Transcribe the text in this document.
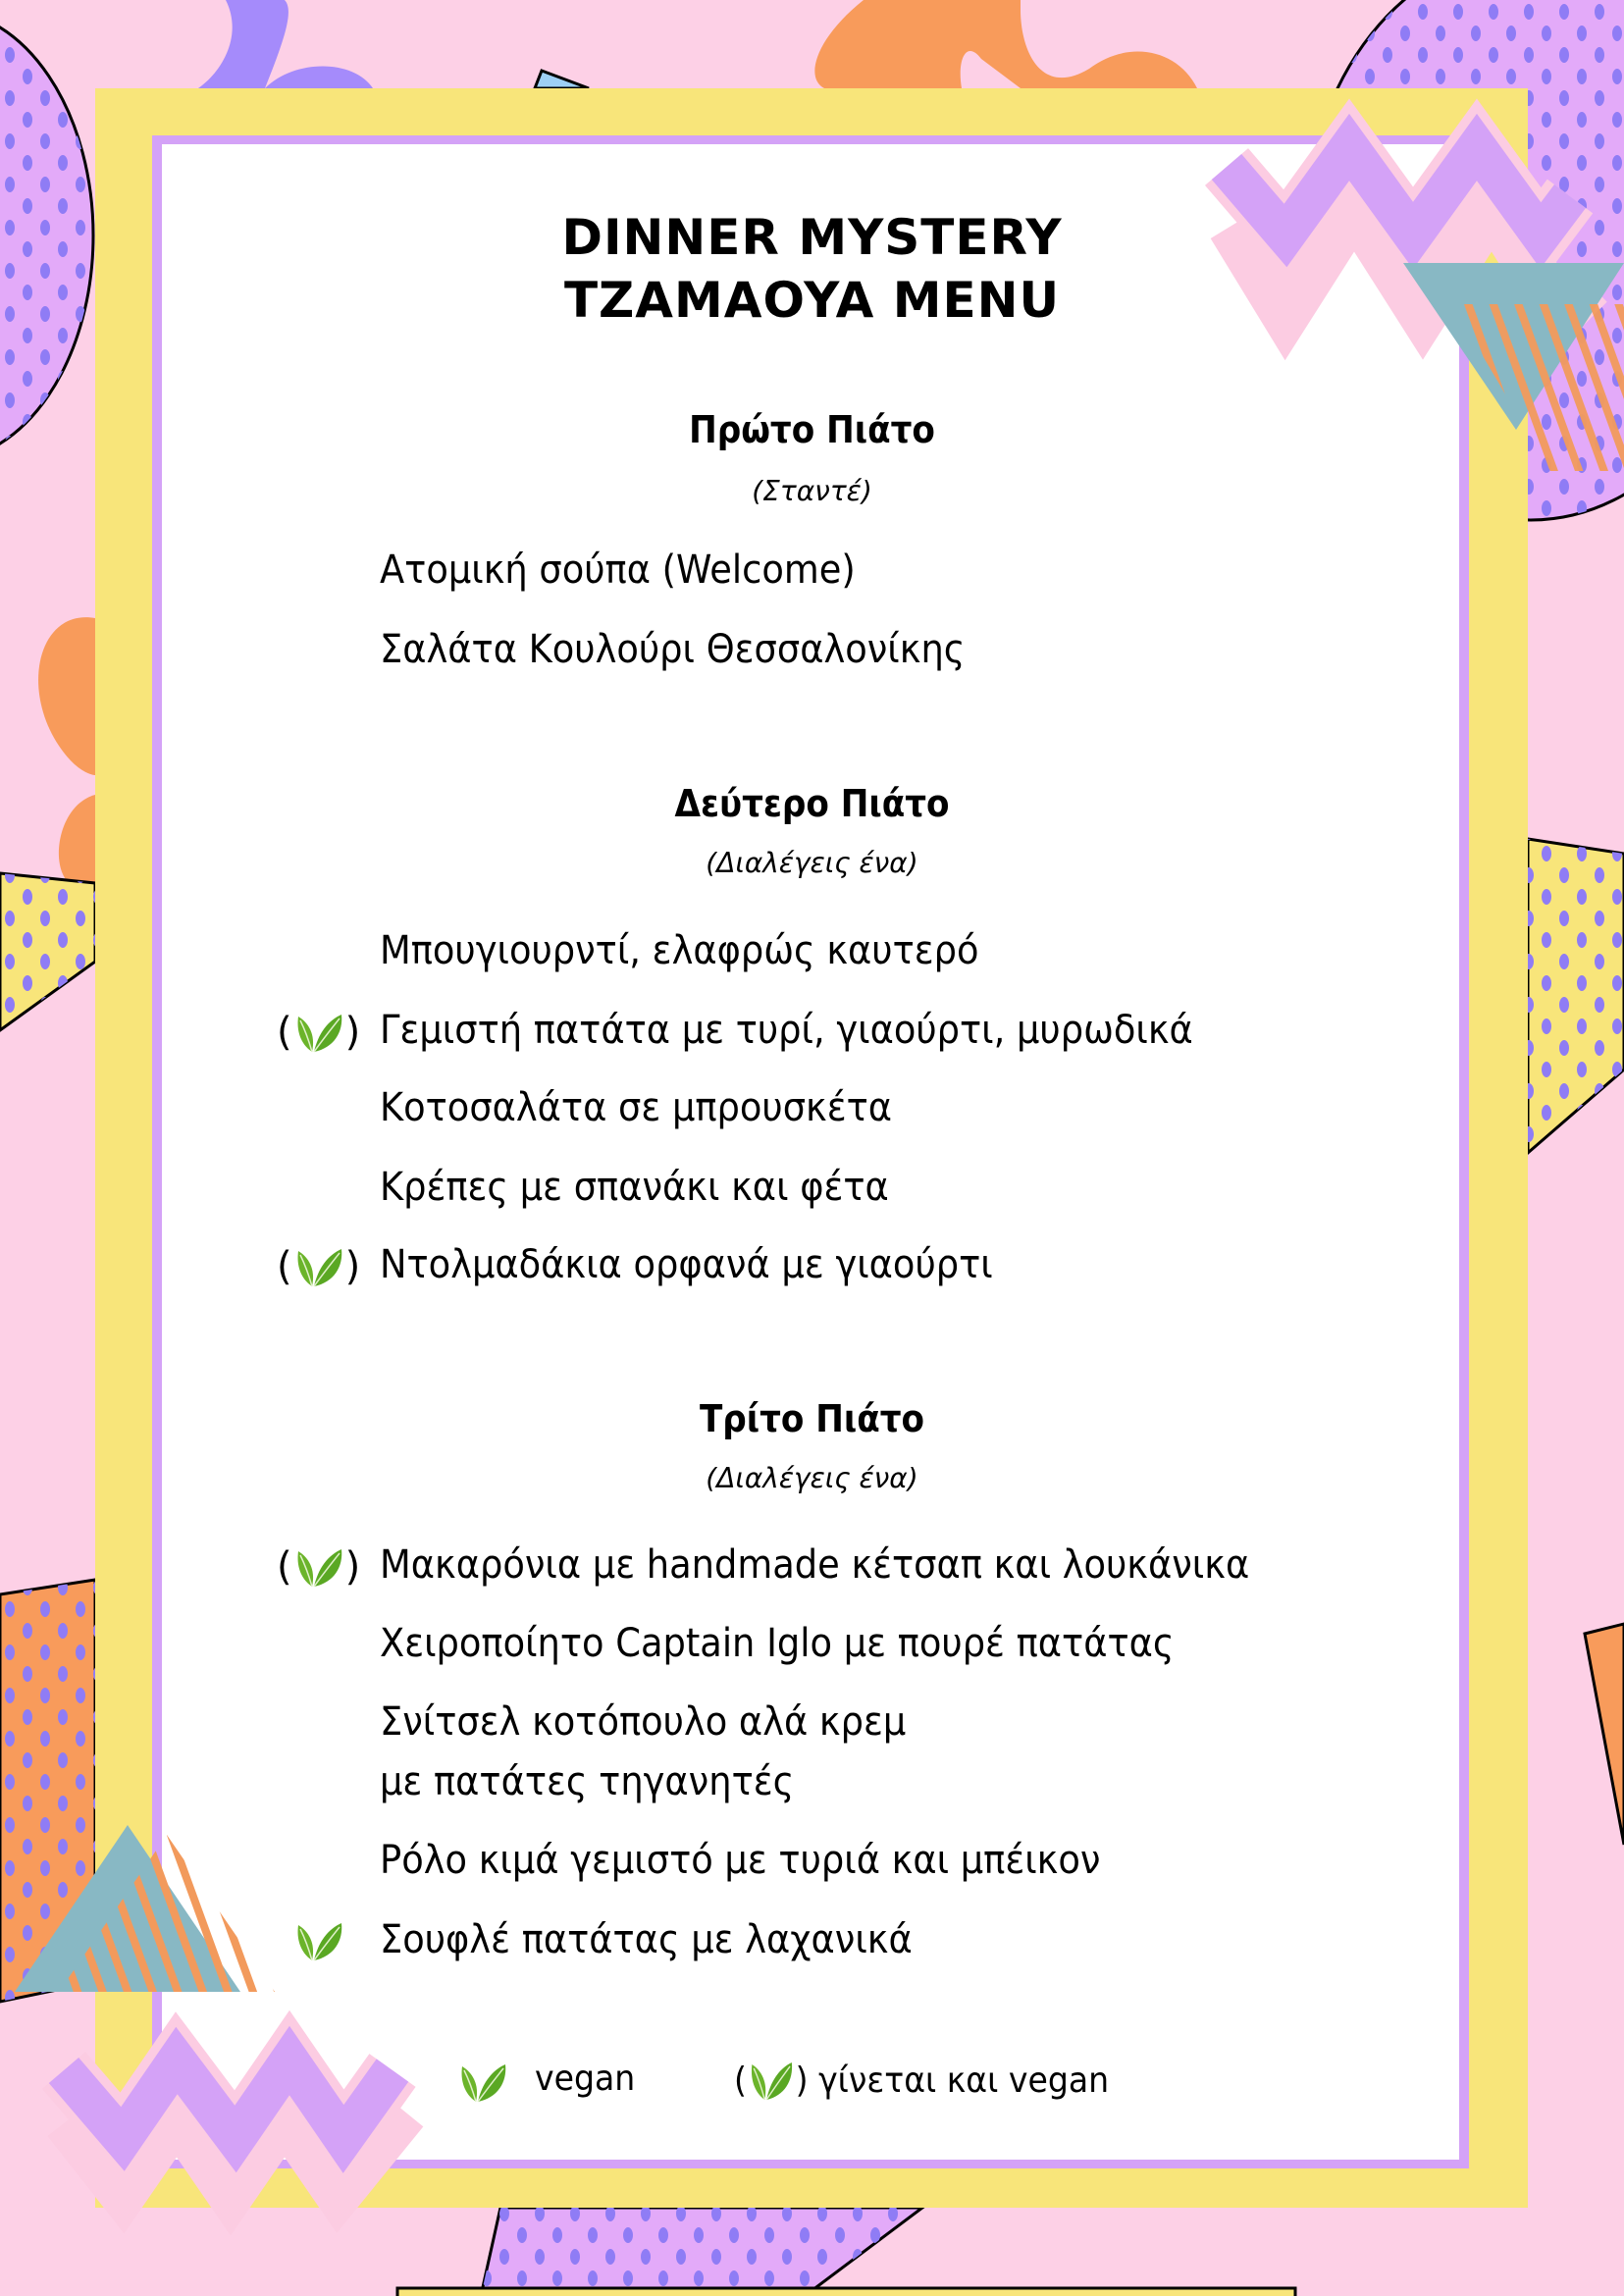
DINNER MYSTERY
TZAMAOYA MENU
Πρώτο Πιάτο
(Σταντέ)
Ατομική σούπα (Welcome)
Σαλάτα Κουλούρι Θεσσαλονίκης
Δεύτερο Πιάτο
(Διαλέγεις ένα)
Μπουγιουρντί, ελαφρώς καυτερό
Γεμιστή πατάτα με τυρί, γιαούρτι, μυρωδικά
( )
Κοτοσαλάτα σε μπρουσκέτα
Κρέπες με σπανάκι και φέτα
Ντολμαδάκια ορφανά με γιαούρτι
( )
Τρίτο Πιάτο
(Διαλέγεις ένα)
Μακαρόνια με handmade κέτσαπ και λουκάνικα
( )
Χειροποίητο Captain Iglo με πουρέ πατάτας
Σνίτσελ κοτόπουλο αλά κρεμ
με πατάτες τηγανητές
Ρόλο κιμά γεμιστό με τυριά και μπέικον
Σουφλέ πατάτας με λαχανικά
vegan	( )
γίνεται και vegan
